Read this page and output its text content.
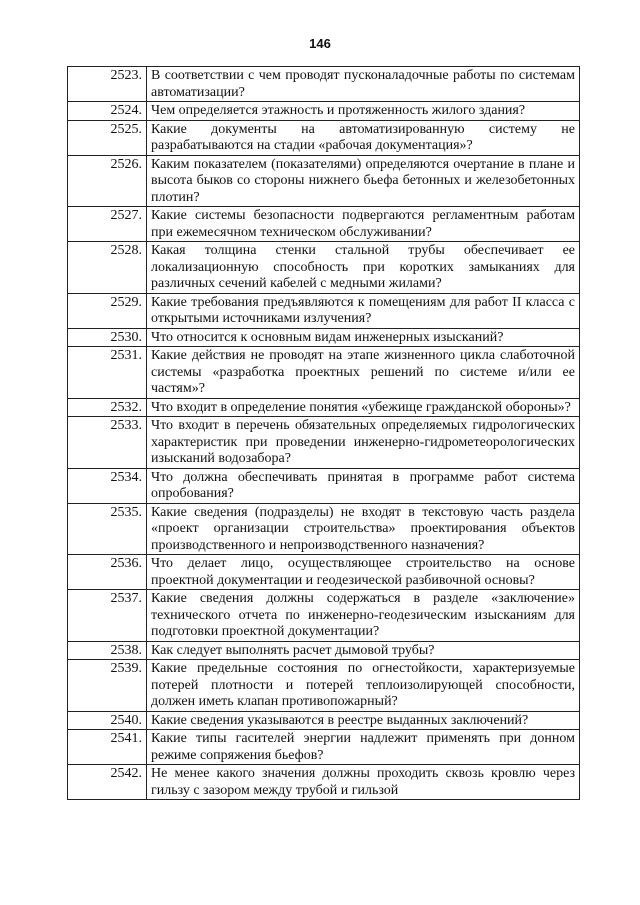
146
2523.	В соответствии с чем проводят пусконаладочные работы по системам автоматизации?
2524.	Чем определяется этажность и протяженность жилого здания?
2525.	Какие документы на автоматизированную систему не разрабатываются на стадии «рабочая документация»?
2526.	Каким показателем (показателями) определяются очертание в плане и высота быков со стороны нижнего бьефа бетонных и железобетонных плотин?
2527.	Какие системы безопасности подвергаются регламентным работам при ежемесячном техническом обслуживании?
2528.	Какая толщина стенки стальной трубы обеспечивает ее локализационную способность при коротких замыканиях для различных сечений кабелей с медными жилами?
2529.	Какие требования предъявляются к помещениям для работ II класса с открытыми источниками излучения?
2530.	Что относится к основным видам инженерных изысканий?
2531.	Какие действия не проводят на этапе жизненного цикла слаботочной системы «разработка проектных решений по системе и/или ее частям»?
2532.	Что входит в определение понятия «убежище гражданской обороны»?
2533.	Что входит в перечень обязательных определяемых гидрологических характеристик при проведении инженерно-гидрометеорологических изысканий водозабора?
2534.	Что должна обеспечивать принятая в программе работ система опробования?
2535.	Какие сведения (подразделы) не входят в текстовую часть раздела «проект организации строительства» проектирования объектов производственного и непроизводственного назначения?
2536.	Что делает лицо, осуществляющее строительство на основе проектной документации и геодезической разбивочной основы?
2537.	Какие сведения должны содержаться в разделе «заключение» технического отчета по инженерно-геодезическим изысканиям для подготовки проектной документации?
2538.	Как следует выполнять расчет дымовой трубы?
2539.	Какие предельные состояния по огнестойкости, характеризуемые потерей плотности и потерей теплоизолирующей способности, должен иметь клапан противопожарный?
2540.	Какие сведения указываются в реестре выданных заключений?
2541.	Какие типы гасителей энергии надлежит применять при донном режиме сопряжения бьефов?
2542.	Не менее какого значения должны проходить сквозь кровлю через гильзу с зазором между трубой и гильзой
